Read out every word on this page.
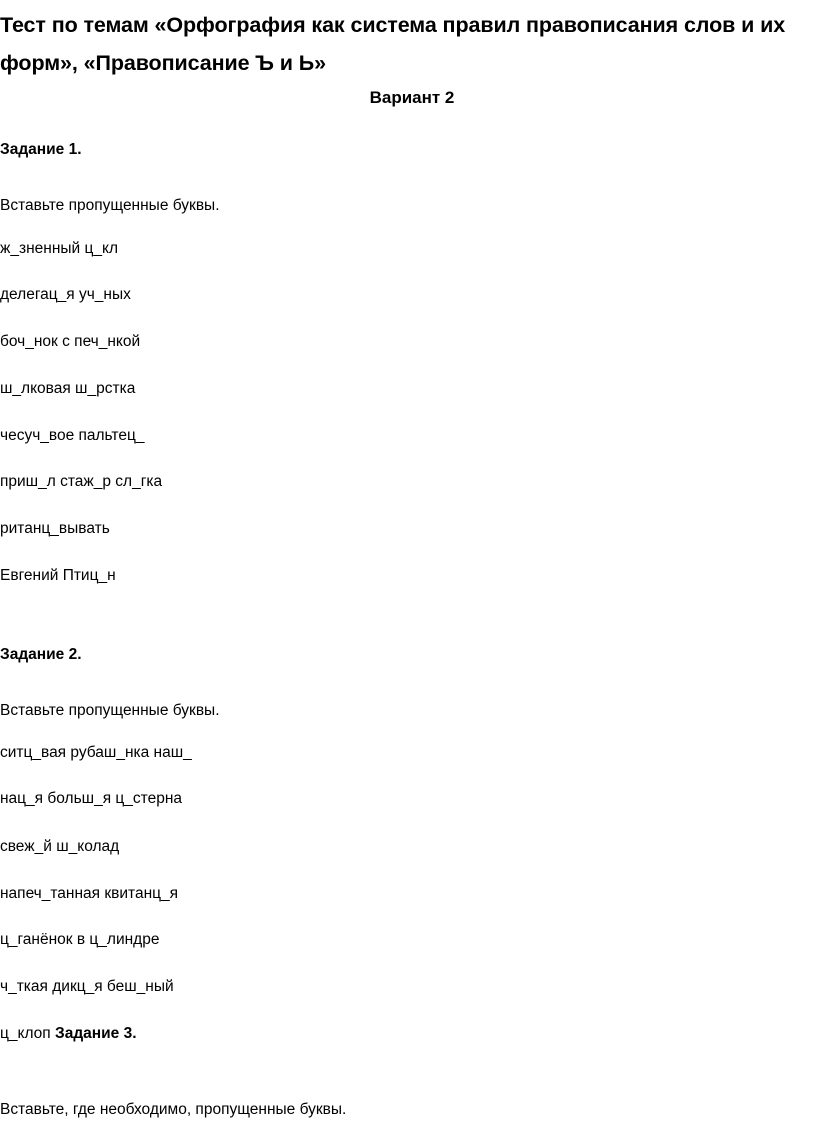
Тест по темам «Орфография как система правил правописания слов и их форм», «Правописание Ъ и Ь»

Вариант 2

Задание 1.

Вставьте пропущенные буквы.

ж_зненный ц_кл

делегац_я уч_ных

боч_нок с печ_нкой

ш_лковая ш_рстка

чесуч_вое пальтец_

приш_л стаж_р сл_гка

ританц_вывать

Евгений Птиц_н

Задание 2.

Вставьте пропущенные буквы.

ситц_вая рубаш_нка наш_

нац_я больш_я ц_стерна

свеж_й ш_колад

напеч_танная квитанц_я

ц_ганёнок в ц_линдре

ч_ткая дикц_я беш_ный

ц_клоп Задание 3.

Вставьте, где необходимо, пропущенные буквы.
